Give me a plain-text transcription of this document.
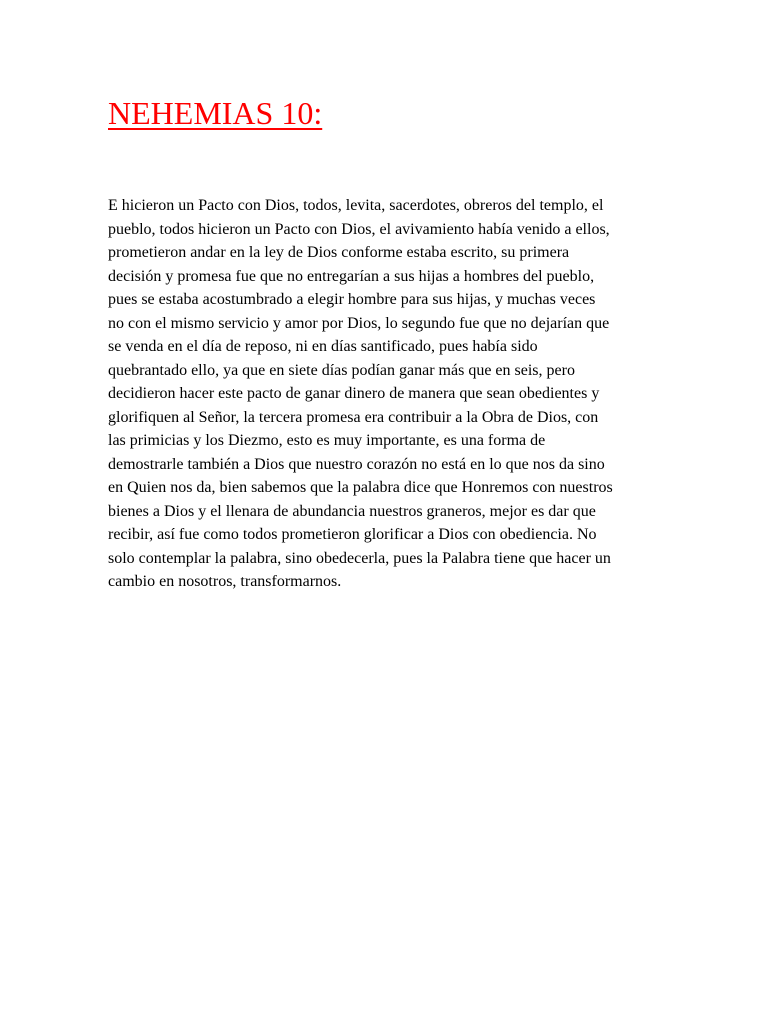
NEHEMIAS 10:

E hicieron un Pacto con Dios, todos, levita, sacerdotes, obreros del templo, el
pueblo, todos hicieron un Pacto con Dios, el avivamiento había venido a ellos,
prometieron andar en la ley de Dios conforme estaba escrito, su primera
decisión y promesa fue que no entregarían a sus hijas a hombres del pueblo,
pues se estaba acostumbrado a elegir hombre para sus hijas, y muchas veces
no con el mismo servicio y amor por Dios, lo segundo fue que no dejarían que
se venda en el día de reposo, ni en días santificado, pues había sido
quebrantado ello, ya que en siete días podían ganar más que en seis, pero
decidieron hacer este pacto de ganar dinero de manera que sean obedientes y
glorifiquen al Señor, la tercera promesa era contribuir a la Obra de Dios, con
las primicias y los Diezmo, esto es muy importante, es una forma de
demostrarle también a Dios que nuestro corazón no está en lo que nos da sino
en Quien nos da, bien sabemos que la palabra dice que Honremos con nuestros
bienes a Dios y el llenara de abundancia nuestros graneros, mejor es dar que
recibir, así fue como todos prometieron glorificar a Dios con obediencia. No
solo contemplar la palabra, sino obedecerla, pues la Palabra tiene que hacer un
cambio en nosotros, transformarnos.
